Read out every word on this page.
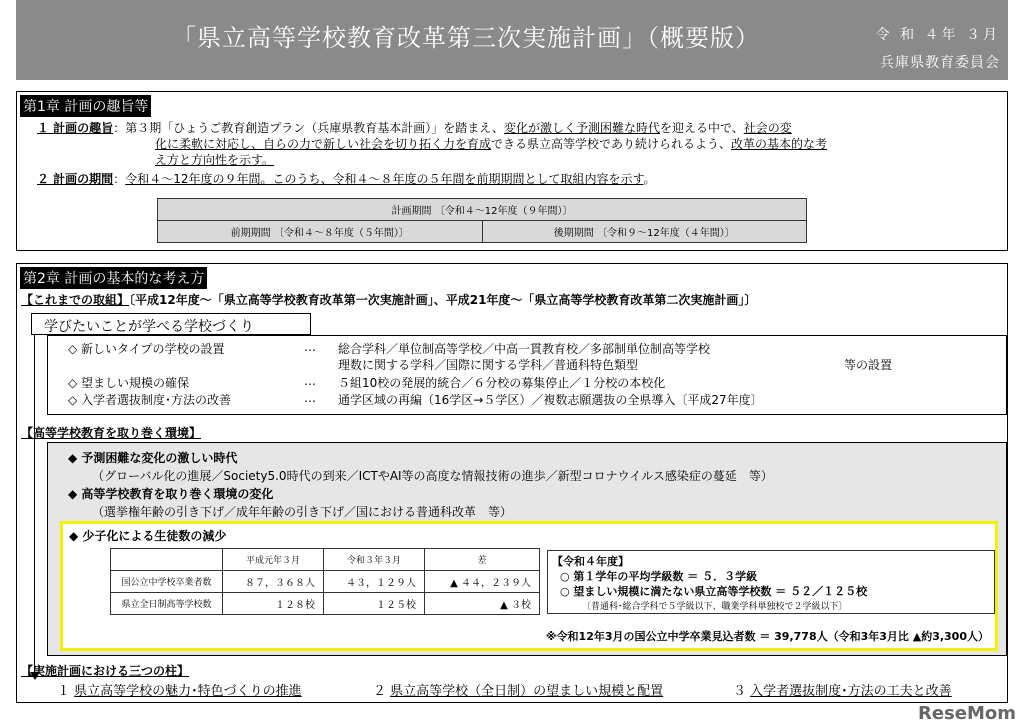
「県立高等学校教育改革第三次実施計画」（概要版）	令 和 ４年 ３月
兵庫県教育委員会
第1章 計画の趣旨等
１ 計画の趣旨：第３期「ひょうご教育創造プラン（兵庫県教育基本計画）」を踏まえ、変化が激しく予測困難な時代を迎える中で、社会の変
化に柔軟に対応し、自らの力で新しい社会を切り拓く力を育成できる県立高等学校であり続けられるよう、改革の基本的な考
え方と方向性を示す。
２ 計画の期間：令和４～12年度の９年間。このうち、令和４～８年度の５年間を前期期間として取組内容を示す。
計画期間 〔令和４～12年度（９年間）〕
前期期間 〔令和４～８年度（５年間）〕	後期期間 〔令和９～12年度（４年間）〕
第2章 計画の基本的な考え方
【これまでの取組】〔平成12年度～「県立高等学校教育改革第一次実施計画」、平成21年度～「県立高等学校教育改革第二次実施計画」〕
学びたいことが学べる学校づくり
◇ 新しいタイプの学校の設置	… 総合学科／単位制高等学校／中高一貫教育校／多部制単位制高等学校
理数に関する学科／国際に関する学科／普通科特色類型	等の設置
◇ 望ましい規模の確保	… ５組10校の発展的統合／６分校の募集停止／１分校の本校化
◇ 入学者選抜制度･方法の改善	… 通学区域の再編（16学区→５学区）／複数志願選抜の全県導入〔平成27年度〕
【高等学校教育を取り巻く環境】
◆ 予測困難な変化の激しい時代
（グローバル化の進展／Society5.0時代の到来／ICTやAI等の高度な情報技術の進歩／新型コロナウイルス感染症の蔓延　等）
◆ 高等学校教育を取り巻く環境の変化
（選挙権年齢の引き下げ／成年年齢の引き下げ／国における普通科改革　等）
◆ 少子化による生徒数の減少
	平成元年３月	令和３年３月	差
国公立中学校卒業者数	８７，３６８人	４３，１２９人	▲ ４４，２３９人
県立全日制高等学校数	１２８校	１２５校	▲ ３校
【令和４年度】
○ 第１学年の平均学級数 ＝ ５．３学級
○ 望ましい規模に満たない県立高等学校数 ＝ ５２／１２５校
〔普通科･総合学科で５学級以下、職業学科単独校で２学級以下〕
※令和12年3月の国公立中学卒業見込者数 ＝ 39,778人（令和3年3月比 ▲約3,300人）
【実施計画における三つの柱】
１ 県立高等学校の魅力･特色づくりの推進	２ 県立高等学校（全日制）の望ましい規模と配置	３ 入学者選抜制度･方法の工夫と改善
ReseMom
